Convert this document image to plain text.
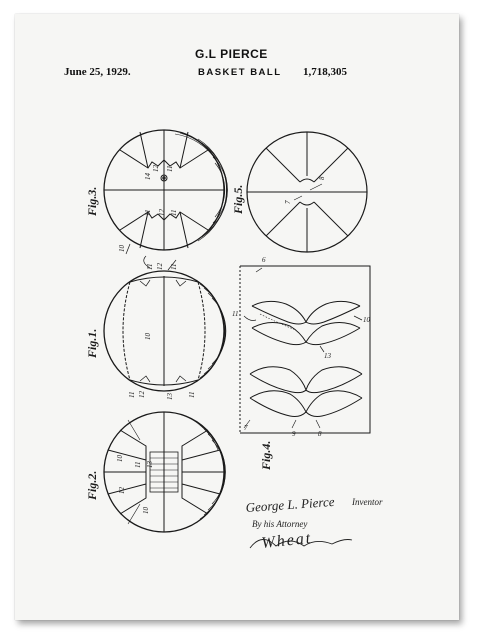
G.L PIERCE
June 25, 1929.	BASKET BALL 1,718,305
14
12 11
11 12 11
10
8
7
11 12 11
10
11 12	13 11
10
11 13
12
10
6
11
10
13
7
9	8
Fig.3.	Fig.5.
Fig.1.
Fig.4.
Fig.2.
Inventor
By his Attorney
George L. Pierce
Wheat
